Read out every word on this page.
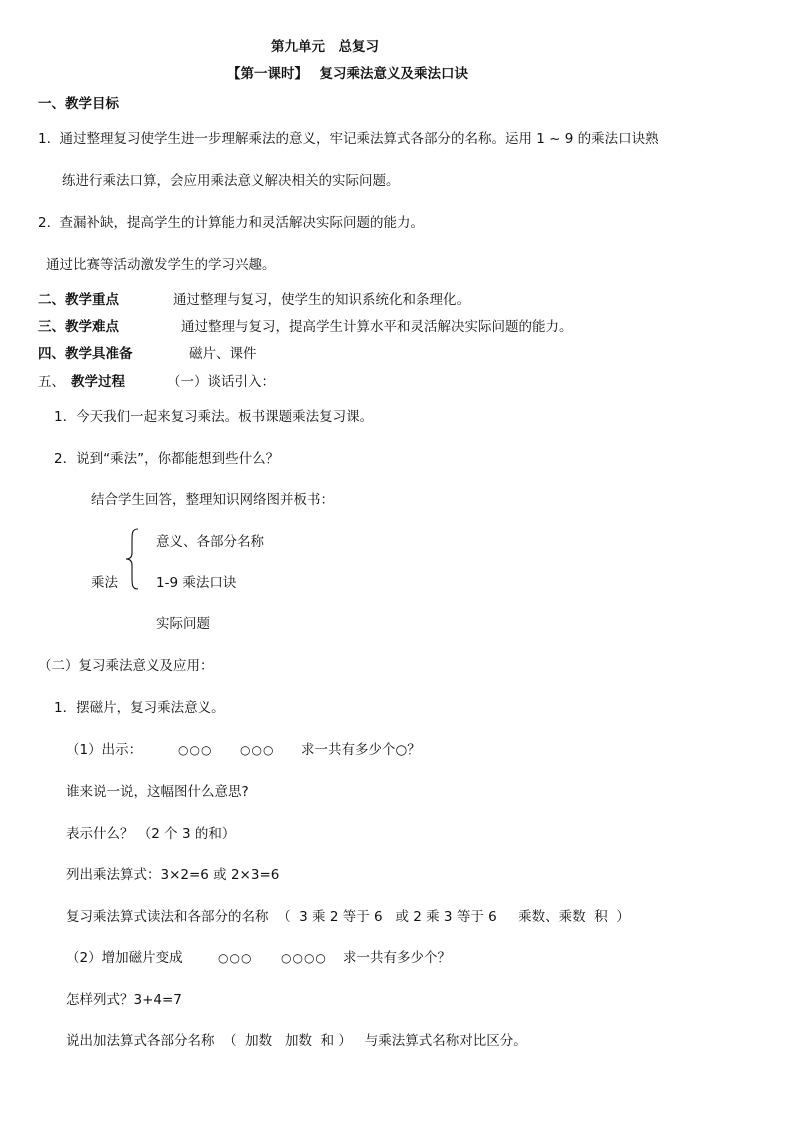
第九单元　总复习
【第一课时】　 复习乘法意义及乘法口诀
一、教学目标
1.  通过整理复习使学生进一步理解乘法的意义，牢记乘法算式各部分的名称。运用 1 ~ 9 的乘法口诀熟
练进行乘法口算，会应用乘法意义解决相关的实际问题。
2.  查漏补缺，提高学生的计算能力和灵活解决实际问题的能力。
通过比赛等活动激发学生的学习兴趣。
二、教学重点	通过整理与复习，使学生的知识系统化和条理化。
三、教学难点	通过整理与复习，提高学生计算水平和灵活解决实际问题的能力。
四、教学具准备	磁片、课件
五、 教学过程	（一）谈话引入：
1．今天我们一起来复习乘法。板书课题乘法复习课。
2．说到“乘法”，你都能想到些什么？
结合学生回答，整理知识网络图并板书：
意义、各部分名称
乘法	1-9 乘法口诀
实际问题
（二）复习乘法意义及应用：
1．摆磁片，复习乘法意义。
（1）出示：	○○○ ○○○ 求一共有多少个○？
谁来说一说，这幅图什么意思?
表示什么？ （2 个 3 的和）
列出乘法算式：3×2=6 或 2×3=6
复习乘法算式读法和各部分的名称  （  3 乘 2 等于 6   或 2 乘 3 等于 6     乘数、乘数  积  ）
（2）增加磁片变成	○○○ ○○○○ 求一共有多少个？
怎样列式？3+4=7
说出加法算式各部分名称  （  加数   加数  和 ）   与乘法算式名称对比区分。
